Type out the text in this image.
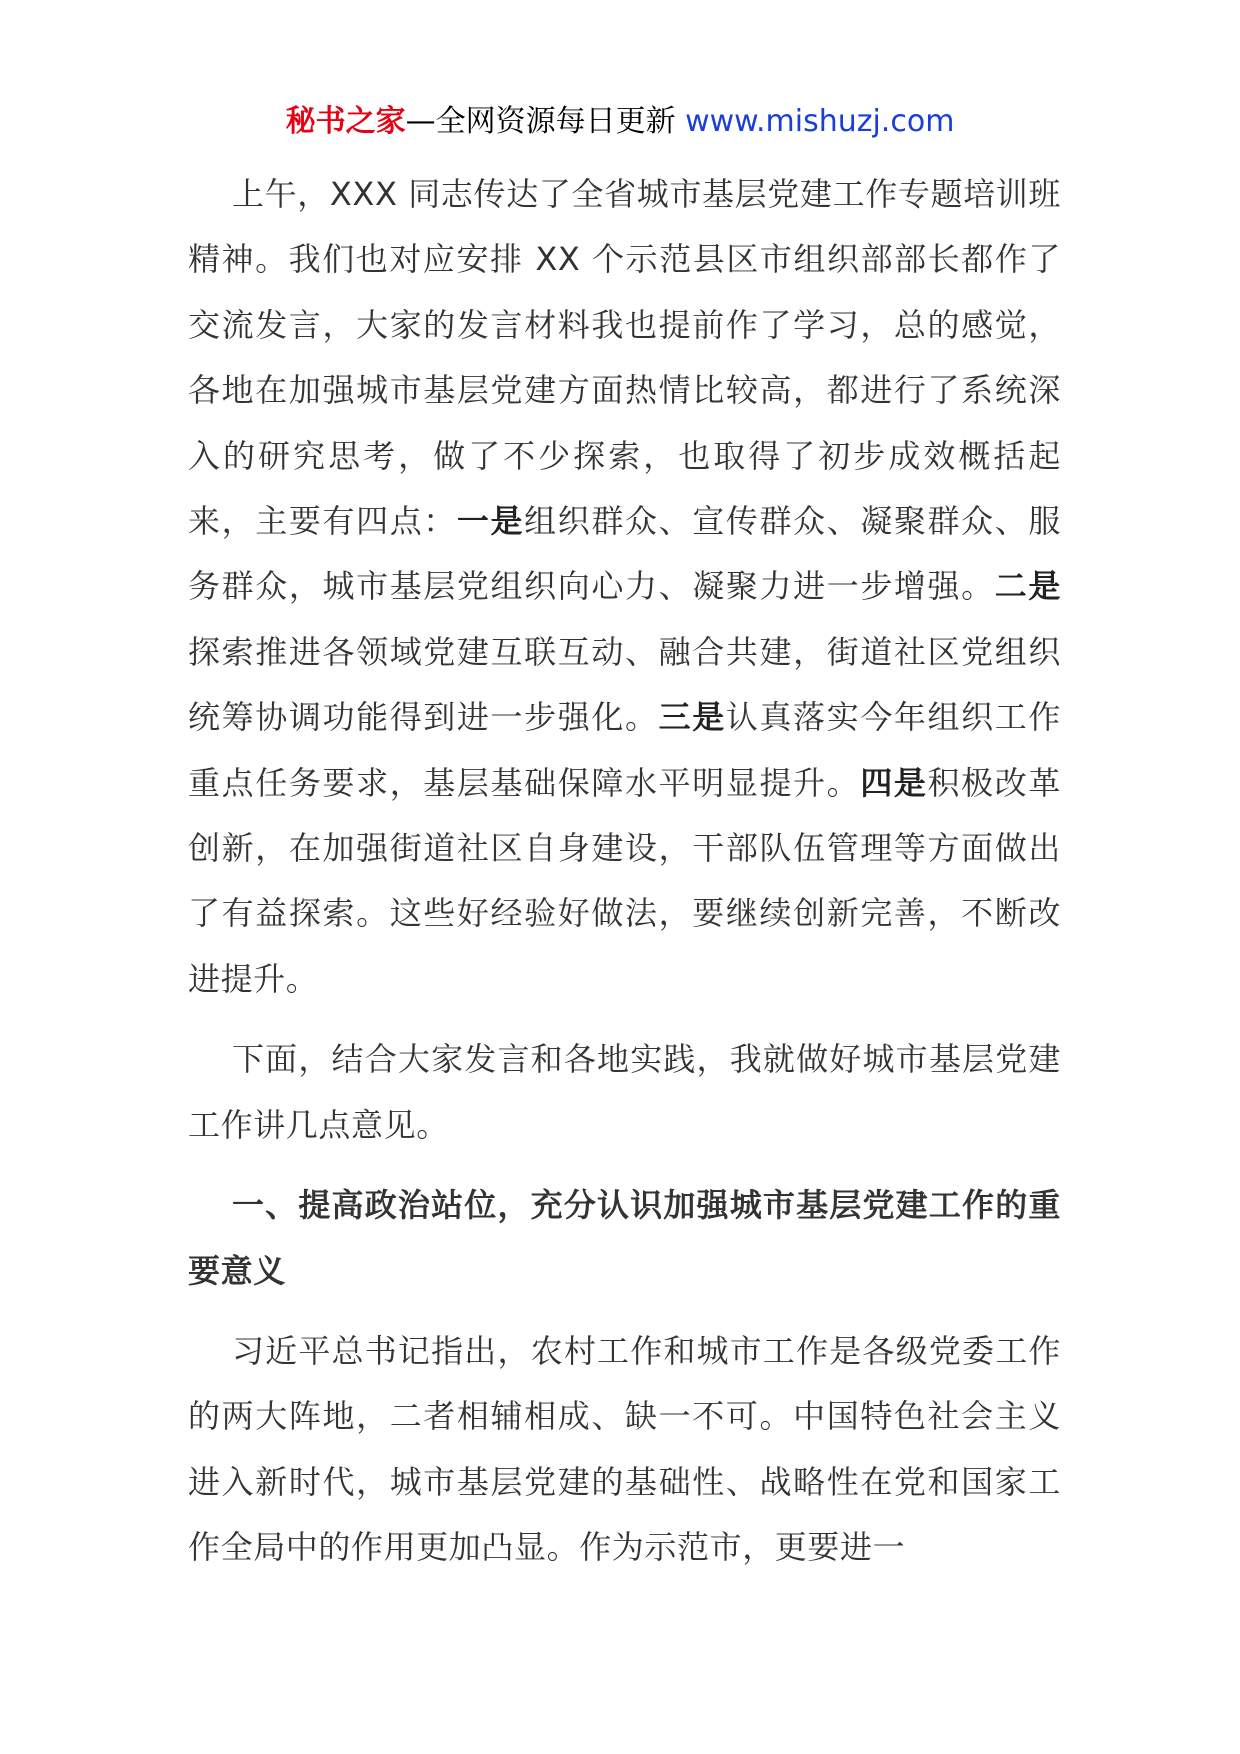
秘书之家—全网资源每日更新 www.mishuzj.com

上午，XXX 同志传达了全省城市基层党建工作专题培训班精神。我们也对应安排 XX 个示范县区市组织部部长都作了交流发言，大家的发言材料我也提前作了学习，总的感觉，各地在加强城市基层党建方面热情比较高，都进行了系统深入的研究思考，做了不少探索，也取得了初步成效概括起来，主要有四点：一是组织群众、宣传群众、凝聚群众、服务群众，城市基层党组织向心力、凝聚力进一步增强。二是探索推进各领域党建互联互动、融合共建，街道社区党组织统筹协调功能得到进一步强化。三是认真落实今年组织工作重点任务要求，基层基础保障水平明显提升。四是积极改革创新，在加强街道社区自身建设，干部队伍管理等方面做出了有益探索。这些好经验好做法，要继续创新完善，不断改进提升。

下面，结合大家发言和各地实践，我就做好城市基层党建工作讲几点意见。

一、提高政治站位，充分认识加强城市基层党建工作的重要意义

习近平总书记指出，农村工作和城市工作是各级党委工作的两大阵地，二者相辅相成、缺一不可。中国特色社会主义进入新时代，城市基层党建的基础性、战略性在党和国家工作全局中的作用更加凸显。作为示范市，更要进一
